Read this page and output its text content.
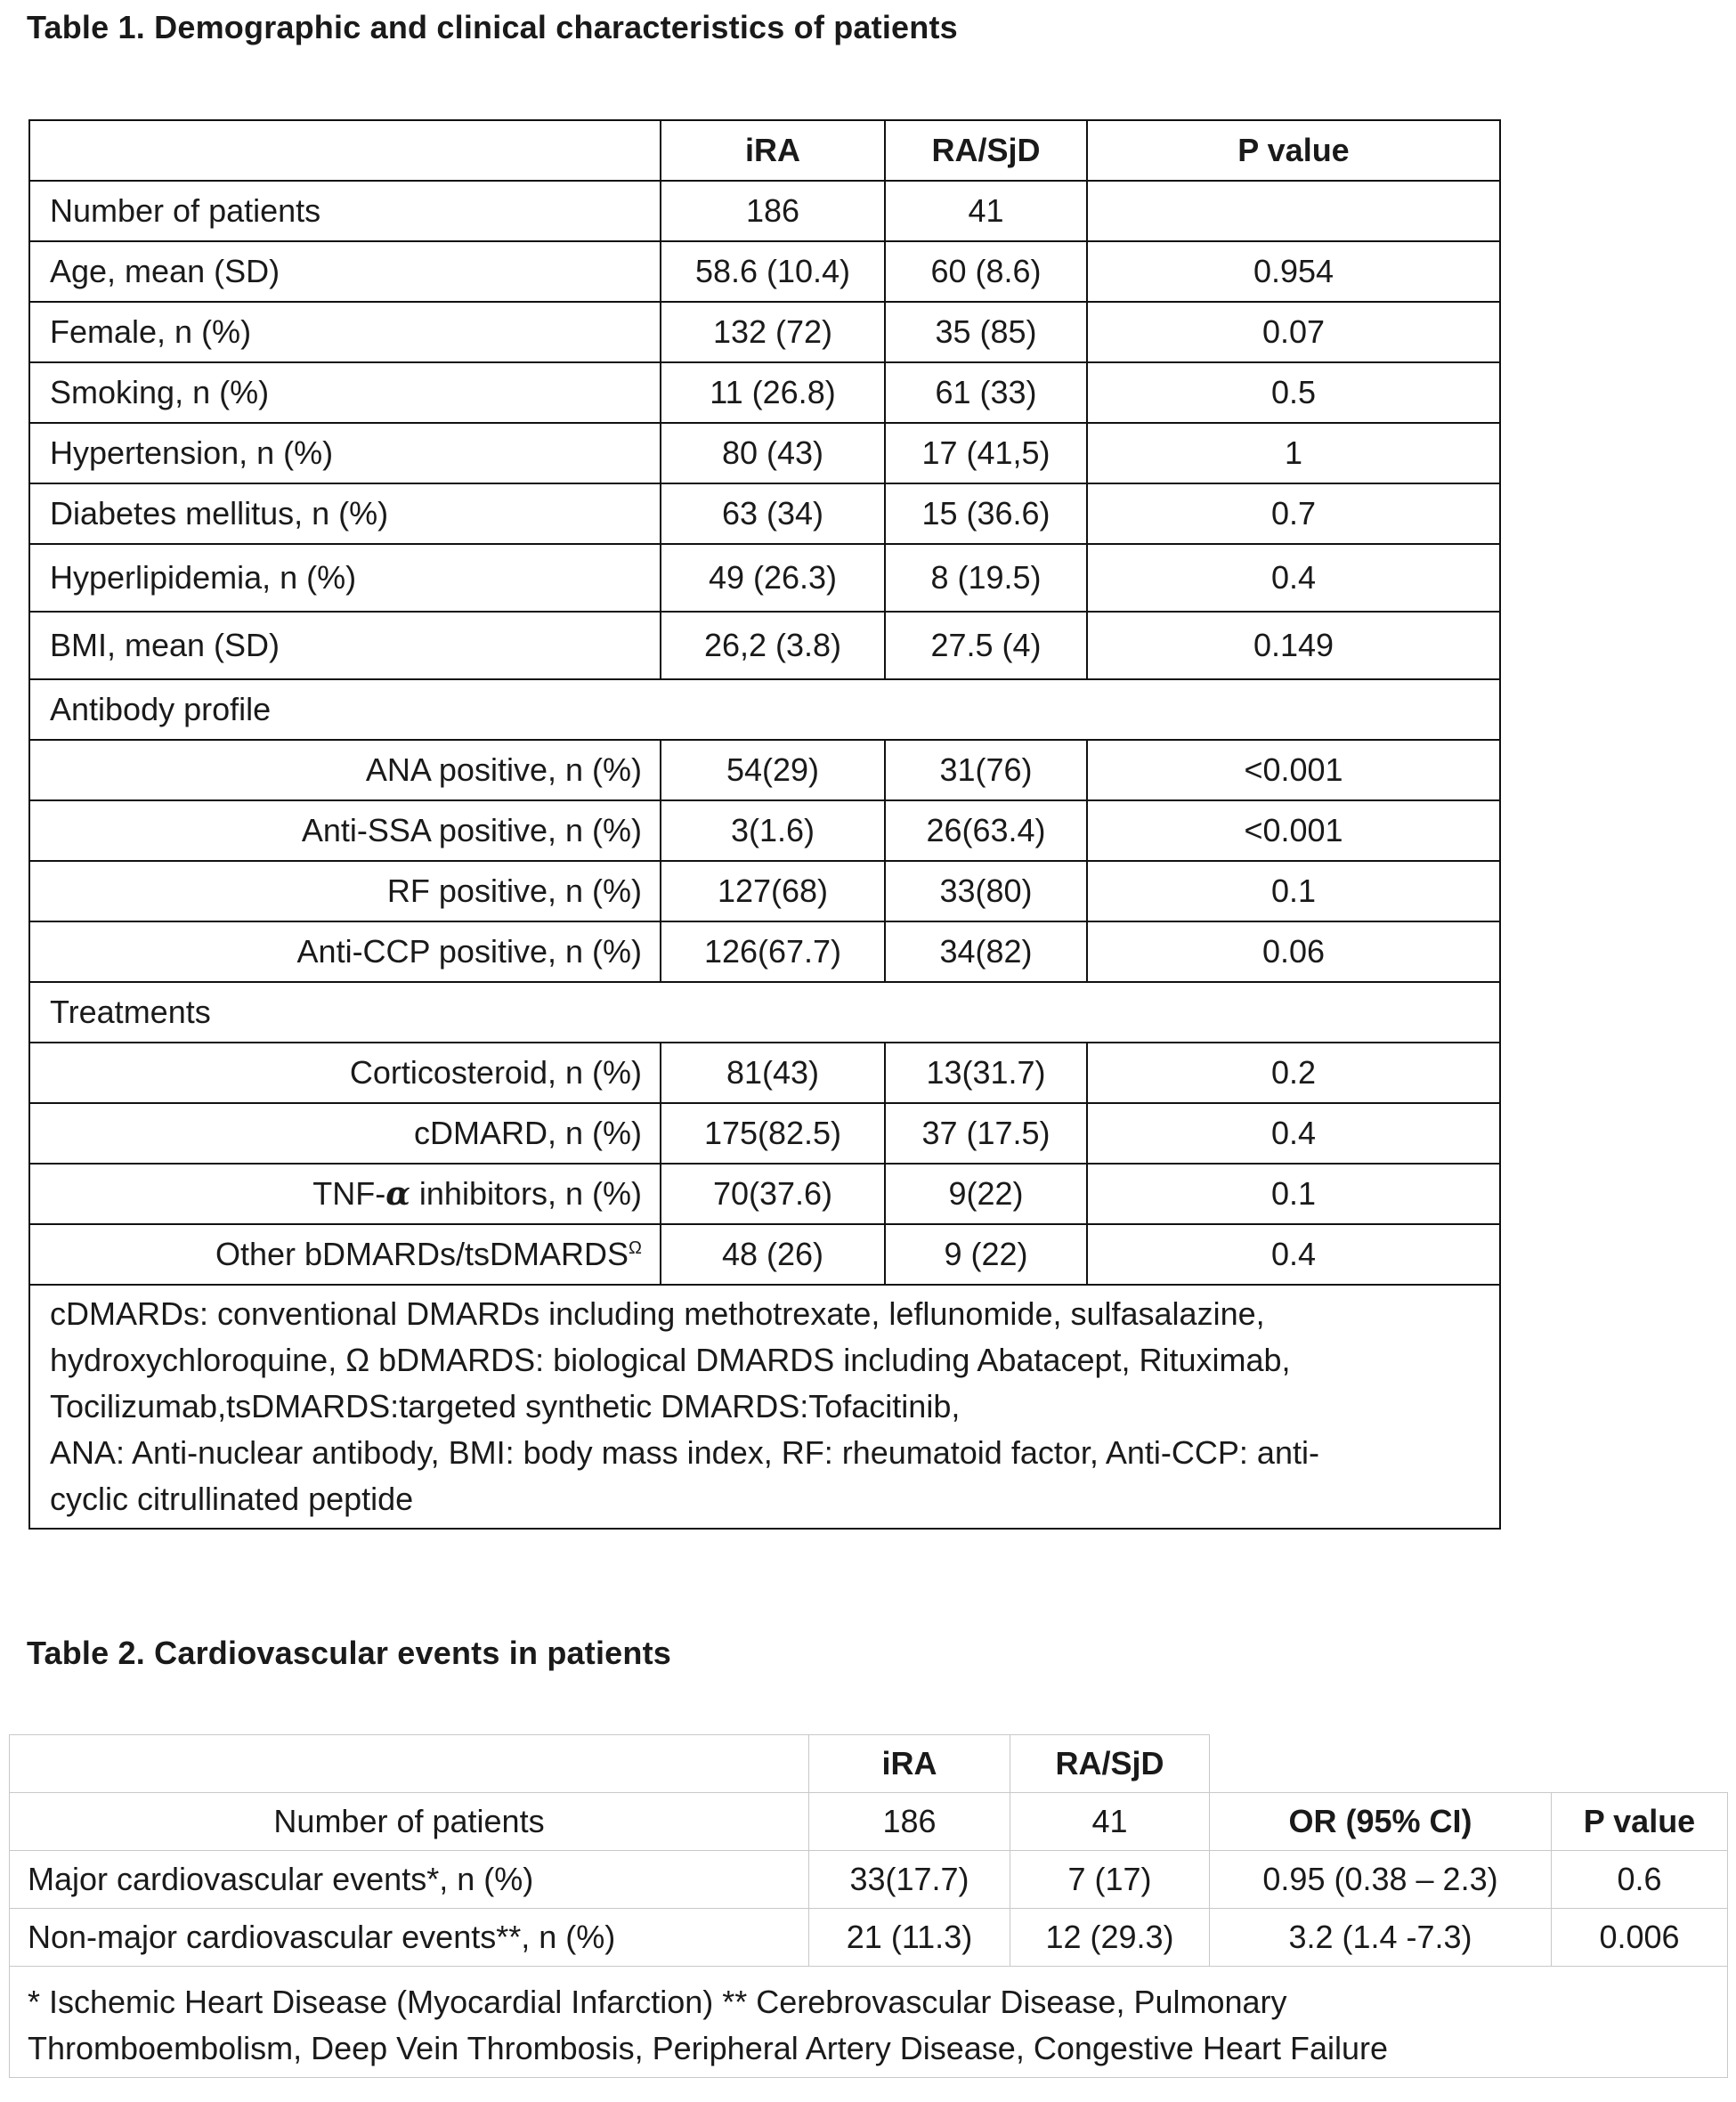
Table 1. Demographic and clinical characteristics of patients
	iRA	RA/SjD	P value
Number of patients	186	41	
Age, mean (SD)	58.6 (10.4)	60 (8.6)	0.954
Female, n (%)	132 (72)	35 (85)	0.07
Smoking, n (%)	11 (26.8)	61 (33)	0.5
Hypertension, n (%)	80 (43)	17 (41,5)	1
Diabetes mellitus, n (%)	63 (34)	15 (36.6)	0.7
Hyperlipidemia, n (%)	49 (26.3)	8 (19.5)	0.4
BMI, mean (SD)	26,2 (3.8)	27.5 (4)	0.149
Antibody profile			
ANA positive, n (%)	54(29)	31(76)	<0.001
Anti-SSA positive, n (%)	3(1.6)	26(63.4)	<0.001
RF positive, n (%)	127(68)	33(80)	0.1
Anti-CCP positive, n (%)	126(67.7)	34(82)	0.06
Treatments			
Corticosteroid, n (%)	81(43)	13(31.7)	0.2
cDMARD, n (%)	175(82.5)	37 (17.5)	0.4
TNF-α inhibitors, n (%)	70(37.6)	9(22)	0.1
Other bDMARDs/tsDMARDS$^\Omega$	48 (26)	9 (22)	0.4

cDMARDs: conventional DMARDs including methotrexate, leflunomide, sulfasalazine,
hydroxychloroquine, Ω bDMARDS: biological DMARDS including Abatacept, Rituximab,
Tocilizumab,tsDMARDS:targeted synthetic DMARDS:Tofacitinib,
ANA: Anti-nuclear antibody, BMI: body mass index, RF: rheumatoid factor, Anti-CCP: anti-
cyclic citrullinated peptide			
Table 2. Cardiovascular events in patients
	iRA	RA/SjD		
Number of patients	186	41	OR (95% CI)	P value
Major cardiovascular events*, n (%)	33(17.7)	7 (17)	0.95 (0.38 – 2.3)	0.6
Non-major cardiovascular events**, n (%)	21 (11.3)	12 (29.3)	3.2 (1.4 -7.3)	0.006

* Ischemic Heart Disease (Myocardial Infarction) ** Cerebrovascular Disease, Pulmonary
Thromboembolism, Deep Vein Thrombosis, Peripheral Artery Disease, Congestive Heart Failure				
